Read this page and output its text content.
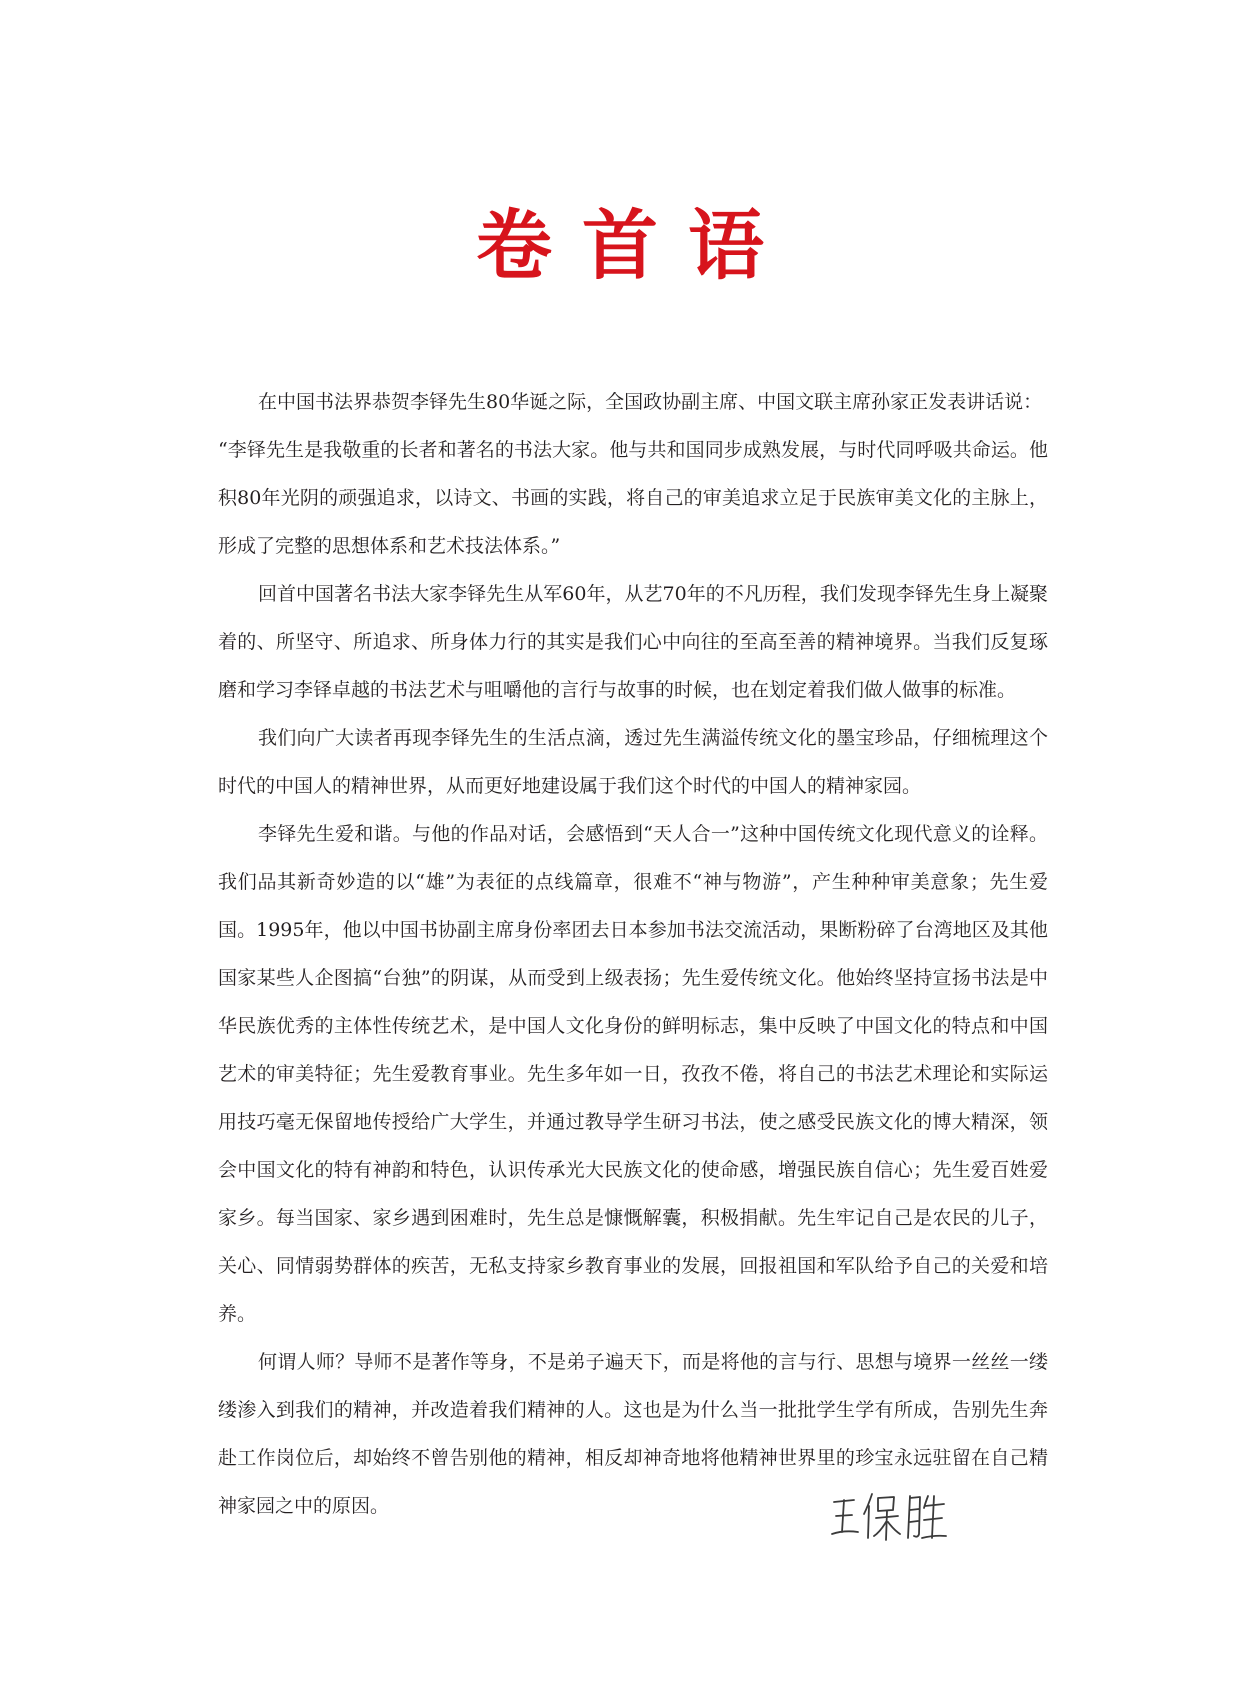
卷首语

在中国书法界恭贺李铎先生80华诞之际，全国政协副主席、中国文联主席孙家正发表讲话说：

“李铎先生是我敬重的长者和著名的书法大家。他与共和国同步成熟发展，与时代同呼吸共命运。他积80年光阴的顽强追求，以诗文、书画的实践，将自己的审美追求立足于民族审美文化的主脉上，形成了完整的思想体系和艺术技法体系。”

回首中国著名书法大家李铎先生从军60年，从艺70年的不凡历程，我们发现李铎先生身上凝聚着的、所坚守、所追求、所身体力行的其实是我们心中向往的至高至善的精神境界。当我们反复琢磨和学习李铎卓越的书法艺术与咀嚼他的言行与故事的时候，也在划定着我们做人做事的标准。

我们向广大读者再现李铎先生的生活点滴，透过先生满溢传统文化的墨宝珍品，仔细梳理这个时代的中国人的精神世界，从而更好地建设属于我们这个时代的中国人的精神家园。

李铎先生爱和谐。与他的作品对话，会感悟到“天人合一”这种中国传统文化现代意义的诠释。我们品其新奇妙造的以“雄”为表征的点线篇章，很难不“神与物游”，产生种种审美意象；先生爱国。1995年，他以中国书协副主席身份率团去日本参加书法交流活动，果断粉碎了台湾地区及其他国家某些人企图搞“台独”的阴谋，从而受到上级表扬；先生爱传统文化。他始终坚持宣扬书法是中华民族优秀的主体性传统艺术，是中国人文化身份的鲜明标志，集中反映了中国文化的特点和中国艺术的审美特征；先生爱教育事业。先生多年如一日，孜孜不倦，将自己的书法艺术理论和实际运用技巧毫无保留地传授给广大学生，并通过教导学生研习书法，使之感受民族文化的博大精深，领会中国文化的特有神韵和特色，认识传承光大民族文化的使命感，增强民族自信心；先生爱百姓爱家乡。每当国家、家乡遇到困难时，先生总是慷慨解囊，积极捐献。先生牢记自己是农民的儿子，关心、同情弱势群体的疾苦，无私支持家乡教育事业的发展，回报祖国和军队给予自己的关爱和培养。

何谓人师？导师不是著作等身，不是弟子遍天下，而是将他的言与行、思想与境界一丝丝一缕缕渗入到我们的精神，并改造着我们精神的人。这也是为什么当一批批学生学有所成，告别先生奔赴工作岗位后，却始终不曾告别他的精神，相反却神奇地将他精神世界里的珍宝永远驻留在自己精神家园之中的原因。
